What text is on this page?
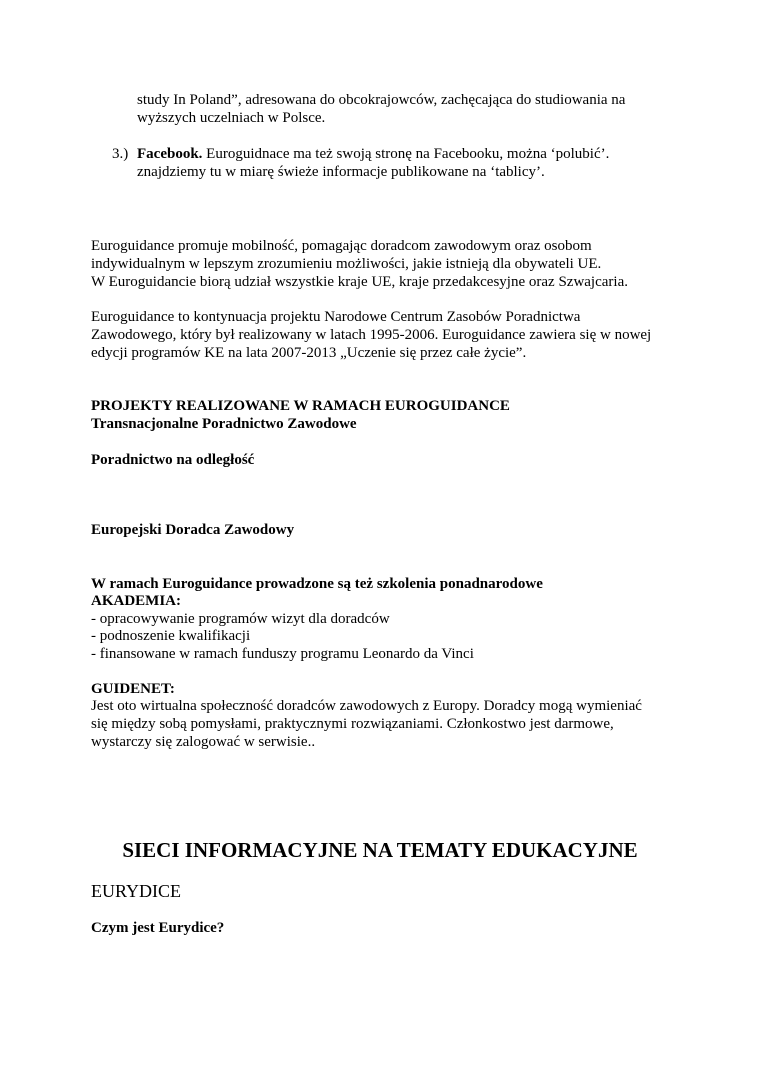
study In Poland”, adresowana do obcokrajowców, zachęcająca do studiowania na
wyższych uczelniach w Polsce.
3.) Facebook. Euroguidnace ma też swoją stronę na Facebooku, można ‘polubić’.
znajdziemy tu w miarę świeże informacje publikowane na ‘tablicy’.
Euroguidance promuje mobilność, pomagając doradcom zawodowym oraz osobom
indywidualnym w lepszym zrozumieniu możliwości, jakie istnieją dla obywateli UE.
W Euroguidancie biorą udział wszystkie kraje UE, kraje przedakcesyjne oraz Szwajcaria.
Euroguidance to kontynuacja projektu Narodowe Centrum Zasobów Poradnictwa
Zawodowego, który był realizowany w latach 1995-2006. Euroguidance zawiera się w nowej
edycji programów KE na lata 2007-2013 „Uczenie się przez całe życie”.
PROJEKTY REALIZOWANE W RAMACH EUROGUIDANCE
Transnacjonalne Poradnictwo Zawodowe
Poradnictwo na odległość
Europejski Doradca Zawodowy
W ramach Euroguidance prowadzone są też szkolenia ponadnarodowe
AKADEMIA:
- opracowywanie programów wizyt dla doradców
- podnoszenie kwalifikacji
- finansowane w ramach funduszy programu Leonardo da Vinci
GUIDENET:
Jest oto wirtualna społeczność doradców zawodowych z Europy. Doradcy mogą wymieniać
się między sobą pomysłami, praktycznymi rozwiązaniami. Członkostwo jest darmowe,
wystarczy się zalogować w serwisie..
SIECI INFORMACYJNE NA TEMATY EDUKACYJNE
EURYDICE
Czym jest Eurydice?
